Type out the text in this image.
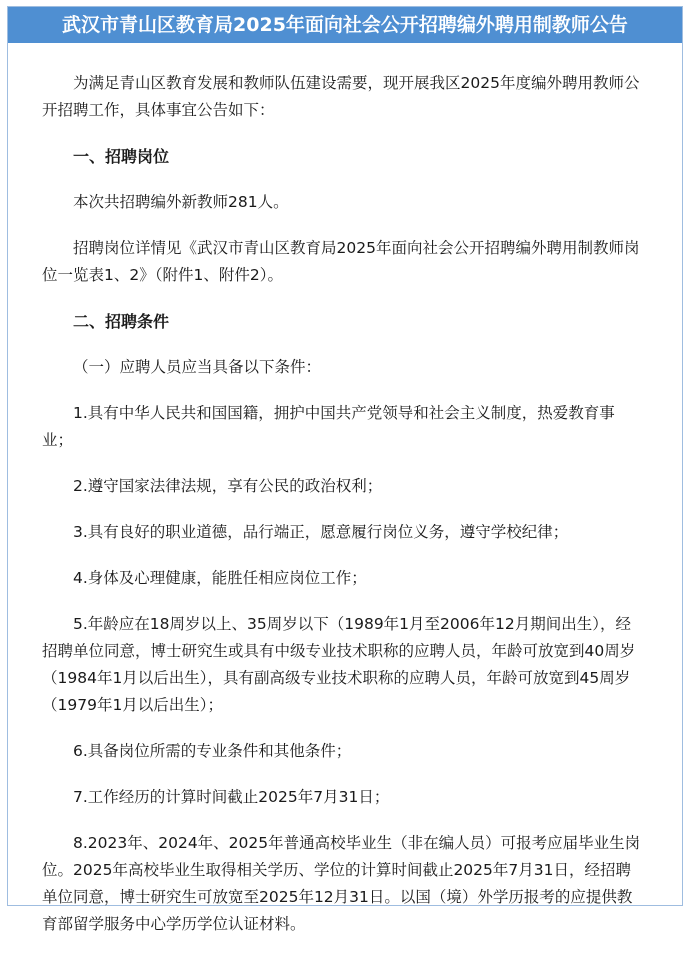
武汉市青山区教育局2025年面向社会公开招聘编外聘用制教师公告

为满足青山区教育发展和教师队伍建设需要，现开展我区2025年度编外聘用教师公开招聘工作，具体事宜公告如下：

一、招聘岗位

本次共招聘编外新教师281人。

招聘岗位详情见《武汉市青山区教育局2025年面向社会公开招聘编外聘用制教师岗位一览表1、2》（附件1、附件2）。

二、招聘条件

（一）应聘人员应当具备以下条件：

1.具有中华人民共和国国籍，拥护中国共产党领导和社会主义制度，热爱教育事业；

2.遵守国家法律法规，享有公民的政治权利；

3.具有良好的职业道德，品行端正，愿意履行岗位义务，遵守学校纪律；

4.身体及心理健康，能胜任相应岗位工作；

5.年龄应在18周岁以上、35周岁以下（1989年1月至2006年12月期间出生），经招聘单位同意，博士研究生或具有中级专业技术职称的应聘人员，年龄可放宽到40周岁（1984年1月以后出生），具有副高级专业技术职称的应聘人员，年龄可放宽到45周岁（1979年1月以后出生）；

6.具备岗位所需的专业条件和其他条件；

7.工作经历的计算时间截止2025年7月31日；

8.2023年、2024年、2025年普通高校毕业生（非在编人员）可报考应届毕业生岗位。2025年高校毕业生取得相关学历、学位的计算时间截止2025年7月31日，经招聘单位同意，博士研究生可放宽至2025年12月31日。以国（境）外学历报考的应提供教育部留学服务中心学历学位认证材料。
